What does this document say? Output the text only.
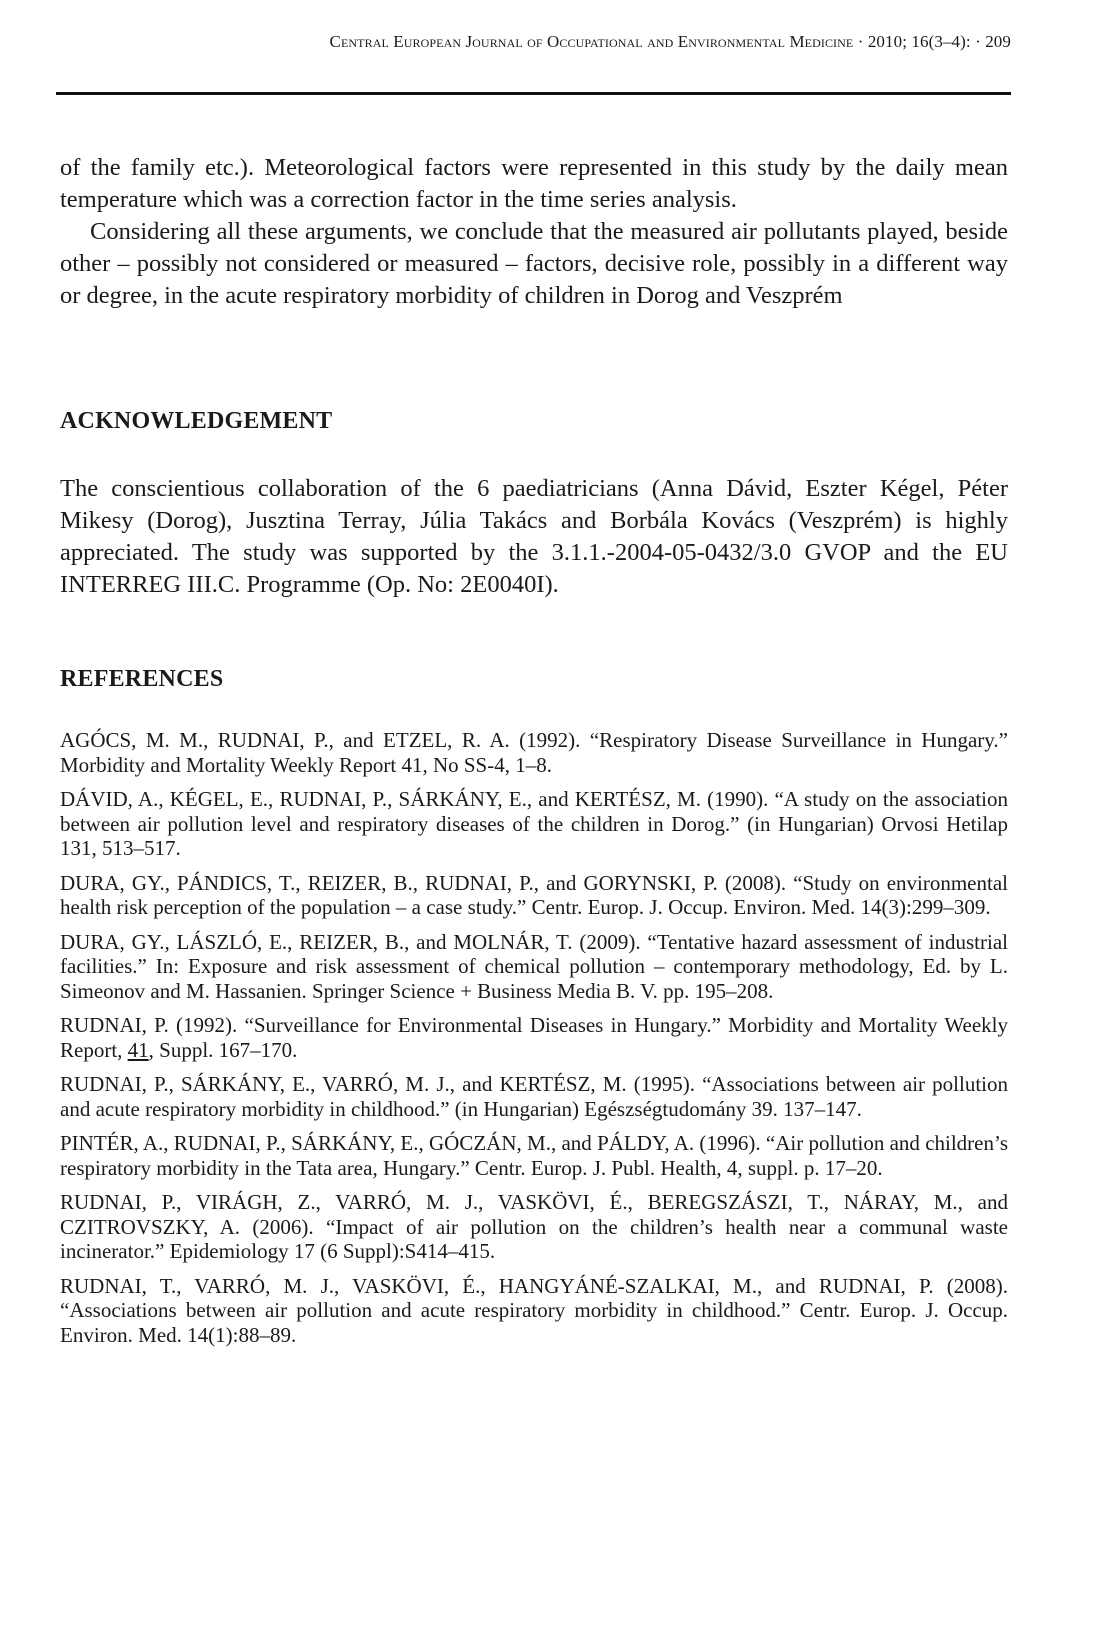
Central European Journal of Occupational and Environmental Medicine · 2010; 16(3–4): · 209

of the family etc.). Meteorological factors were represented in this study by the daily mean temperature which was a correction factor in the time series analysis.

Considering all these arguments, we conclude that the measured air pollutants played, beside other – possibly not considered or measured – factors, decisive role, possibly in a different way or degree, in the acute respiratory morbidity of children in Dorog and Veszprém

ACKNOWLEDGEMENT

The conscientious collaboration of the 6 paediatricians (Anna Dávid, Eszter Kégel, Péter Mikesy (Dorog), Jusztina Terray, Júlia Takács and Borbála Kovács (Veszprém) is highly appreciated. The study was supported by the 3.1.1.-2004-05-0432/3.0 GVOP and the EU INTERREG III.C. Programme (Op. No: 2E0040I).

REFERENCES

AGÓCS, M. M., RUDNAI, P., and ETZEL, R. A. (1992). “Respiratory Disease Surveillance in Hungary.” Morbidity and Mortality Weekly Report 41, No SS-4, 1–8.

DÁVID, A., KÉGEL, E., RUDNAI, P., SÁRKÁNY, E., and KERTÉSZ, M. (1990). “A study on the association between air pollution level and respiratory diseases of the children in Dorog.” (in Hungarian) Orvosi Hetilap 131, 513–517.

DURA, GY., PÁNDICS, T., REIZER, B., RUDNAI, P., and GORYNSKI, P. (2008). “Study on environmental health risk perception of the population – a case study.” Centr. Europ. J. Occup. Environ. Med. 14(3):299–309.

DURA, GY., LÁSZLÓ, E., REIZER, B., and MOLNÁR, T. (2009). “Tentative hazard assessment of industrial facilities.” In: Exposure and risk assessment of chemical pollution – contemporary methodology, Ed. by L. Simeonov and M. Hassanien. Springer Science + Business Media B. V. pp. 195–208.

RUDNAI, P. (1992). “Surveillance for Environmental Diseases in Hungary.” Morbidity and Mortality Weekly Report, 41, Suppl. 167–170.

RUDNAI, P., SÁRKÁNY, E., VARRÓ, M. J., and KERTÉSZ, M. (1995). “Associations between air pollution and acute respiratory morbidity in childhood.” (in Hungarian) Egészségtudomány 39. 137–147.

PINTÉR, A., RUDNAI, P., SÁRKÁNY, E., GÓCZÁN, M., and PÁLDY, A. (1996). “Air pollution and children’s respiratory morbidity in the Tata area, Hungary.” Centr. Europ. J. Publ. Health, 4, suppl. p. 17–20.

RUDNAI, P., VIRÁGH, Z., VARRÓ, M. J., VASKÖVI, É., BEREGSZÁSZI, T., NÁRAY, M., and CZITROVSZKY, A. (2006). “Impact of air pollution on the children’s health near a communal waste incinerator.” Epidemiology 17 (6 Suppl):S414–415.

RUDNAI, T., VARRÓ, M. J., VASKÖVI, É., HANGYÁNÉ-SZALKAI, M., and RUDNAI, P. (2008). “Associations between air pollution and acute respiratory morbidity in childhood.” Centr. Europ. J. Occup. Environ. Med. 14(1):88–89.
